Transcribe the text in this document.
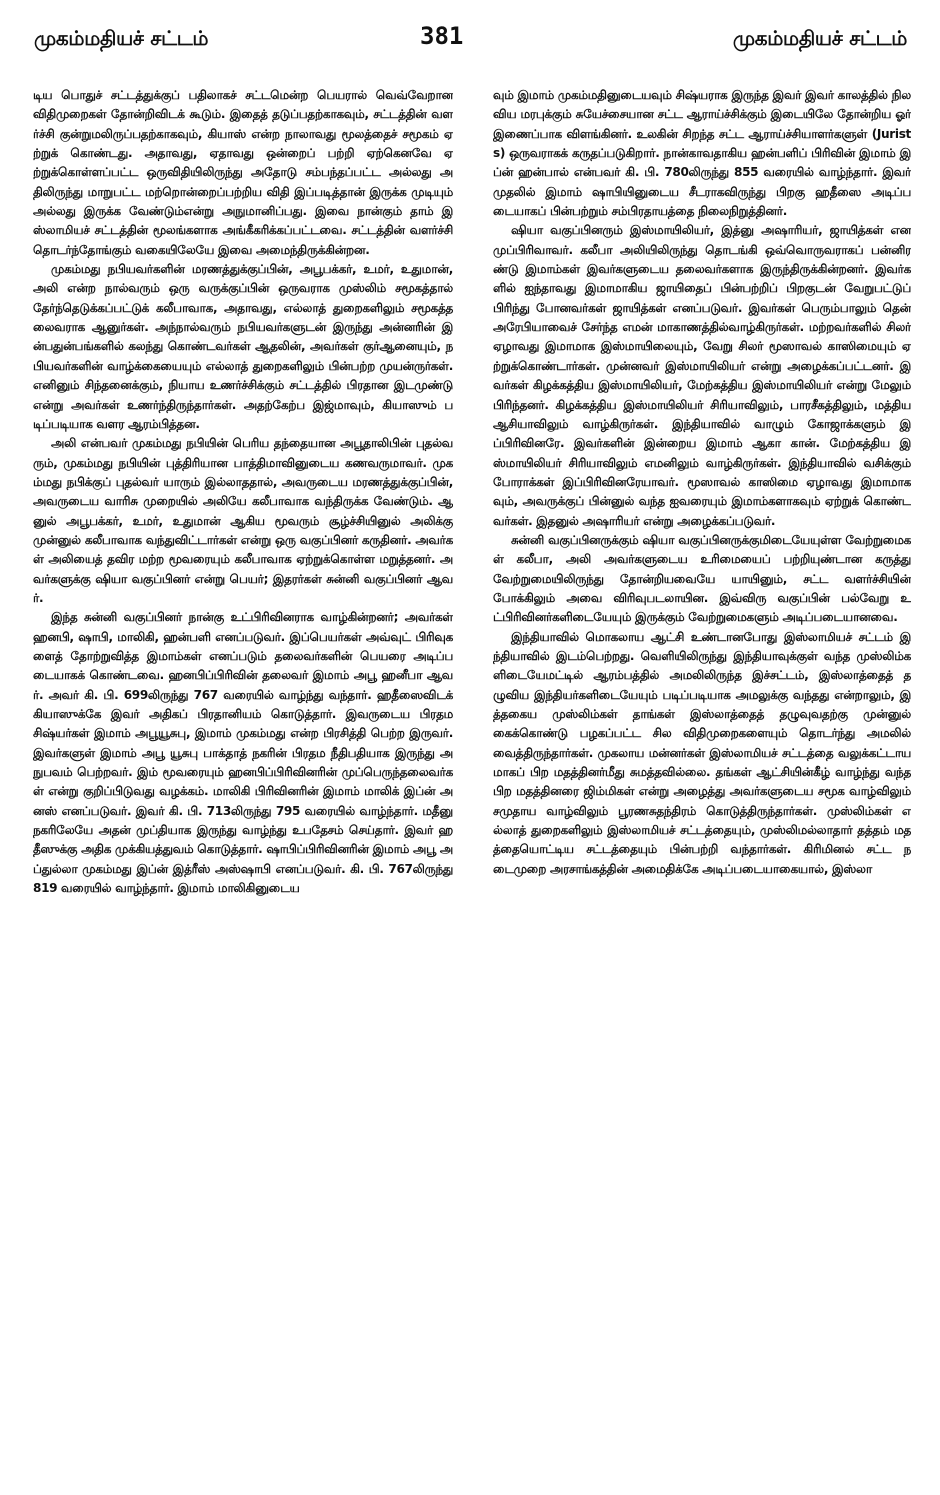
முகம்மதியச் சட்டம்	381	முகம்மதியச் சட்டம்

டிய பொதுச் சட்டத்துக்குப் பதிலாகச் சட்டமென்ற பெயரால் வெவ்வேறான விதிமுறைகள் தோன்றிவிடக் கூடும். இதைத் தடுப்பதற்காகவும், சட்டத்தின் வளர்ச்சி குன்றுமலிருப்பதற்காகவும், கியாஸ் என்ற நாலாவது மூலத்தைச் சமூகம் ஏற்றுக் கொண்டது. அதாவது, ஏதாவது ஒன்றைப் பற்றி ஏற்கெனவே ஏற்றுக்கொள்ளப்பட்ட ஒருவிதியிலிருந்து அதோடு சம்பந்தப்பட்ட அல்லது அதிலிருந்து மாறுபட்ட மற்றொன்றைப்பற்றிய விதி இப்படித்தான் இருக்க முடியும் அல்லது இருக்க வேண்டும்என்று அநுமானிப்பது. இவை நான்கும் தாம் இஸ்லாமியச் சட்டத்தின் மூலங்களாக அங்கீகரிக்கப்பட்டவை. சட்டத்தின் வளர்ச்சி தொடர்ந்தோங்கும் வகையிலேயே இவை அமைந்திருக்கின்றன.

முகம்மது நபியவர்களின் மரணத்துக்குப்பின், அபூபக்கர், உமர், உதுமான், அலி என்ற நால்வரும் ஒரு வருக்குப்பின் ஒருவராக முஸ்லிம் சமூகத்தால் தேர்ந்தெடுக்கப்பட்டுக் கலீபாவாக, அதாவது, எல்லாத் துறைகளிலும் சமூகத்தலைவராக ஆனுர்கள். அந்நால்வரும் நபியவர்களுடன் இருந்து அன்னரின் இன்பதுன்பங்களில் கலந்து கொண்டவர்கள் ஆதலின், அவர்கள் குர்ஆனையும், நபியவர்களின் வாழ்க்கையையும் எல்லாத் துறைகளிலும் பின்பற்ற முயன்ருர்கள். எனினும் சிந்தனைக்கும், நியாய உணர்ச்சிக்கும் சட்டத்தில் பிரதான இடமுண்டு என்று அவர்கள் உணர்ந்திருந்தார்கள். அதற்கேற்ப இஜ்மாவும், கியாஸும் படிப்படியாக வளர ஆரம்பித்தன.

அலி என்பவர் முகம்மது நபியின் பெரிய தந்தையான அபூதாலிபின் புதல்வரும், முகம்மது நபியின் புத்திரியான பாத்திமாவினுடைய கணவருமாவர். முகம்மது நபிக்குப் புதல்வர் யாரும் இல்லாததால், அவருடைய மரணத்துக்குப்பின், அவருடைய வாரிசு முறையில் அலியே கலீபாவாக வந்திருக்க வேண்டும். ஆனுல் அபூபக்கர், உமர், உதுமான் ஆகிய மூவரும் சூழ்ச்சியினுல் அலிக்கு முன்னுல் கலீபாவாக வந்துவிட்டார்கள் என்று ஒரு வகுப்பினர் கருதினர். அவர்கள் அலியைத் தவிர மற்ற மூவரையும் கலீபாவாக ஏற்றுக்கொள்ள மறுத்தனர். அவர்களுக்கு ஷியா வகுப்பினர் என்று பெயர்; இதரர்கள் சுன்னி வகுப்பினர் ஆவர்.

இந்த சுன்னி வகுப்பினர் நான்கு உட்பிரிவினராக வாழ்கின்றனர்; அவர்கள் ஹனபி, ஷாபி, மாலிகி, ஹன்பளி எனப்படுவர். இப்பெயர்கள் அவ்வுட் பிரிவுகளைத் தோற்றுவித்த இமாம்கள் எனப்படும் தலைவர்களின் பெயரை அடிப்படையாகக் கொண்டவை. ஹனபிப்பிரிவின் தலைவர் இமாம் அபூ ஹனீபா ஆவர். அவர் கி. பி. 699லிருந்து 767 வரையில் வாழ்ந்து வந்தார். ஹதீஸைவிடக் கியாஸுக்கே இவர் அதிகப் பிரதானியம் கொடுத்தார். இவருடைய பிரதம சிஷ்யர்கள் இமாம் அபூயூசுபு, இமாம் முகம்மது என்ற பிரசித்தி பெற்ற இருவர். இவர்களுள் இமாம் அபூ யூசுபு பாக்தாத் நகரின் பிரதம நீதிபதியாக இருந்து அநுபவம் பெற்றவர். இம் மூவரையும் ஹனபிப்பிரிவினரின் முப்பெருந்தலைவர்கள் என்று குறிப்பிடுவது வழக்கம். மாலிகி பிரிவினரின் இமாம் மாலிக் இப்ன் அனஸ் எனப்படுவர். இவர் கி. பி. 713லிருந்து 795 வரையில் வாழ்ந்தார். மதீனு நகரிலேயே அதன் முப்தியாக இருந்து வாழ்ந்து உபதேசம் செய்தார். இவர் ஹதீஸுக்கு அதிக முக்கியத்துவம் கொடுத்தார். ஷாபிப்பிரிவினரின் இமாம் அபூ அப்துல்லா முகம்மது இப்ன் இத்ரீஸ் அஸ்ஷாபி எனப்படுவர். கி. பி. 767லிருந்து 819 வரையில் வாழ்ந்தார். இமாம் மாலிகினுடைய

வும் இமாம் முகம்மதினுடையவும் சிஷ்யராக இருந்த இவர் இவர் காலத்தில் நிலவிய மரபுக்கும் சுயேச்சையான சட்ட ஆராய்ச்சிக்கும் இடையிலே தோன்றிய ஓர் இணைப்பாக விளங்கினர். உலகின் சிறந்த சட்ட ஆராய்ச்சியாளர்களுள் (Jurists) ஒருவராகக் கருதப்படுகிறார். நான்காவதாகிய ஹன்பளிப் பிரிவின் இமாம் இப்ன் ஹன்பால் என்பவர் கி. பி. 780லிருந்து 855 வரையில் வாழ்ந்தார். இவர் முதலில் இமாம் ஷாபியினுடைய சீடராகவிருந்து பிறகு ஹதீஸை அடிப்படையாகப் பின்பற்றும் சம்பிரதாயத்தை நிலைநிறுத்தினர்.

ஷியா வகுப்பினரும் இஸ்மாயிலியர், இத்னு அஷாரியர், ஜாயித்கள் என முப்பிரிவாவர். கலீபா அலியிலிருந்து தொடங்கி ஒவ்வொருவராகப் பன்னிரண்டு இமாம்கள் இவர்களுடைய தலைவர்களாக இருந்திருக்கின்றனர். இவர்களில் ஐந்தாவது இமாமாகிய ஜாயிதைப் பின்பற்றிப் பிறகுடன் வேறுபட்டுப் பிரிந்து போனவர்கள் ஜாயித்கள் எனப்படுவர். இவர்கள் பெரும்பாலும் தென் அரேபியாவைச் சேர்ந்த எமன் மாகாணத்தில்வாழ்கிருர்கள். மற்றவர்களில் சிலர் ஏழாவது இமாமாக இஸ்மாயிலையும், வேறு சிலர் மூஸாவல் காஸிமையும் ஏற்றுக்கொண்டார்கள். முன்னவர் இஸ்மாயிலியர் என்று அழைக்கப்பட்டனர். இவர்கள் கிழக்கத்திய இஸ்மாயிலியர், மேற்கத்திய இஸ்மாயிலியர் என்று மேலும் பிரிந்தனர். கிழக்கத்திய இஸ்மாயிலியர் சிரியாவிலும், பாரசீகத்திலும், மத்திய ஆசியாவிலும் வாழ்கிருர்கள். இந்தியாவில் வாழும் கோஜாக்களும் இப்பிரிவினரே. இவர்களின் இன்றைய இமாம் ஆகா கான். மேற்கத்திய இஸ்மாயிலியர் சிரியாவிலும் எமனிலும் வாழ்கிருர்கள். இந்தியாவில் வசிக்கும் போராக்கள் இப்பிரிவினரேயாவர். மூஸாவல் காஸிமை ஏழாவது இமாமாகவும், அவருக்குப் பின்னுல் வந்த ஐவரையும் இமாம்களாகவும் ஏற்றுக் கொண்டவர்கள். இதனுல் அஷாரியர் என்று அழைக்கப்படுவர்.

சுன்னி வகுப்பினருக்கும் ஷியா வகுப்பினருக்குமிடையேயுள்ள வேற்றுமைகள் கலீபா, அலி அவர்களுடைய உரிமையைப் பற்றியுண்டான கருத்து வேற்றுமையிலிருந்து தோன்றியவையே யாயினும், சட்ட வளர்ச்சியின் போக்கிலும் அவை விரிவுபடலாயின. இவ்விரு வகுப்பின் பல்வேறு உட்பிரிவினர்களிடையேயும் இருக்கும் வேற்றுமைகளும் அடிப்படையானவை.

இந்தியாவில் மொகலாய ஆட்சி உண்டானபோது இஸ்லாமியச் சட்டம் இந்தியாவில் இடம்பெற்றது. வெளியிலிருந்து இந்தியாவுக்குள் வந்த முஸ்லிம்களிடையேமட்டில் ஆரம்பத்தில் அமலிலிருந்த இச்சட்டம், இஸ்லாத்தைத் தழுவிய இந்தியர்களிடையேயும் படிப்படியாக அமலுக்கு வந்தது என்றாலும், இத்தகைய முஸ்லிம்கள் தாங்கள் இஸ்லாத்தைத் தழுவுவதற்கு முன்னுல் கைக்கொண்டு பழகப்பட்ட சில விதிமுறைகளையும் தொடர்ந்து அமலில் வைத்திருந்தார்கள். முகலாய மன்னர்கள் இஸ்லாமியச் சட்டத்தை வலுக்கட்டாயமாகப் பிற மதத்தினர்மீது சுமத்தவில்லை. தங்கள் ஆட்சியின்கீழ் வாழ்ந்து வந்த பிற மதத்தினரை ஜிம்மிகள் என்று அழைத்து அவர்களுடைய சமூக வாழ்விலும் சமுதாய வாழ்விலும் பூரணசுதந்திரம் கொடுத்திருந்தார்கள். முஸ்லிம்கள் எல்லாத் துறைகளிலும் இஸ்லாமியச் சட்டத்தையும், முஸ்லிமல்லாதார் தத்தம் மதத்தையொட்டிய சட்டத்தையும் பின்பற்றி வந்தார்கள். கிரிமினல் சட்ட நடைமுறை அரசாங்கத்தின் அமைதிக்கே அடிப்படையாகையால், இஸ்லா
